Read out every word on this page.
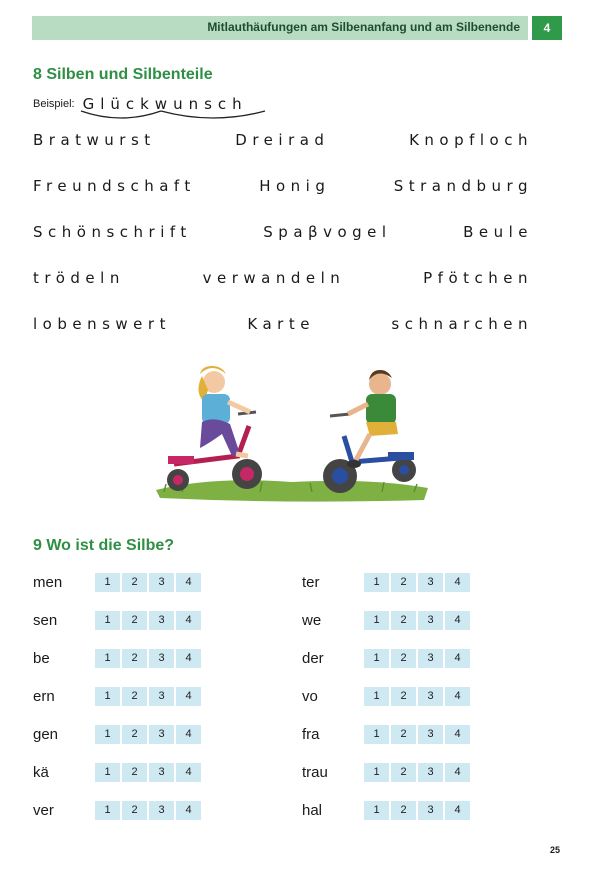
Mitlauthäufungen am Silbenanfang und am Silbenende	4
8 Silben und Silbenteile
Beispiel: Glückwunsch
Bratwurst	Dreirad	Knopfloch
Freundschaft	Honig	Strandburg
Schönschrift	Spaβvogel	Beule
trödeln	verwandeln	Pfötchen
lobenswert	Karte	schnarchen
9 Wo ist die Silbe?
men	1	2	3	4
sen	1	2	3	4
be	1	2	3	4
ern	1	2	3	4
gen	1	2	3	4
kä	1	2	3	4
ver	1	2	3	4
ter	1	2	3	4
we	1	2	3	4
der	1	2	3	4
vo	1	2	3	4
fra	1	2	3	4
trau	1	2	3	4
hal	1	2	3	4
25
